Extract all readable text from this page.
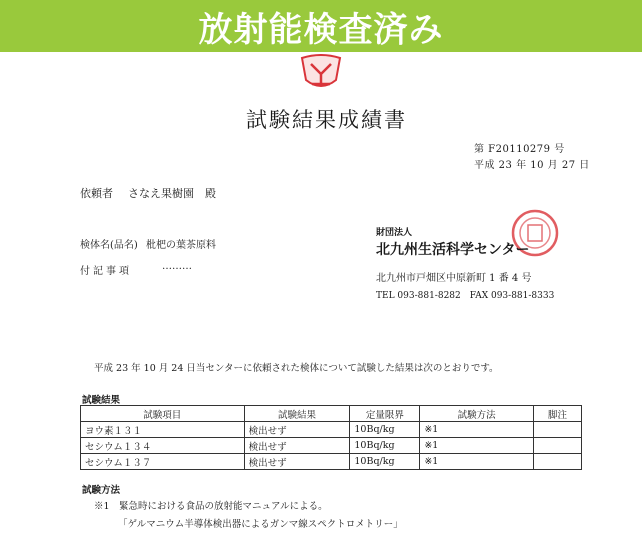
放射能検査済み
試験結果成績書
第 F20110279 号
平成 23 年 10 月 27 日
依頼者 さなえ果樹園　殿
検体名(品名) 枇杷の葉茶原料
付記事項	………
財団法人
北九州生活科学センター
北九州市戸畑区中原新町 1 番 4 号
TEL 093-881-8282　FAX 093-881-8333
平成 23 年 10 月 24 日当センターに依頼された検体について試験した結果は次のとおりです。
試験結果
試験項目	試験結果	定量限界	試験方法	脚注
ヨウ素１３１	検出せず	10Bq/kg	※1	
セシウム１３４	検出せず	10Bq/kg	※1	
セシウム１３７	検出せず	10Bq/kg	※1	
試験方法
※1　緊急時における食品の放射能マニュアルによる。
「ゲルマニウム半導体検出器によるガンマ線スペクトロメトリー」
